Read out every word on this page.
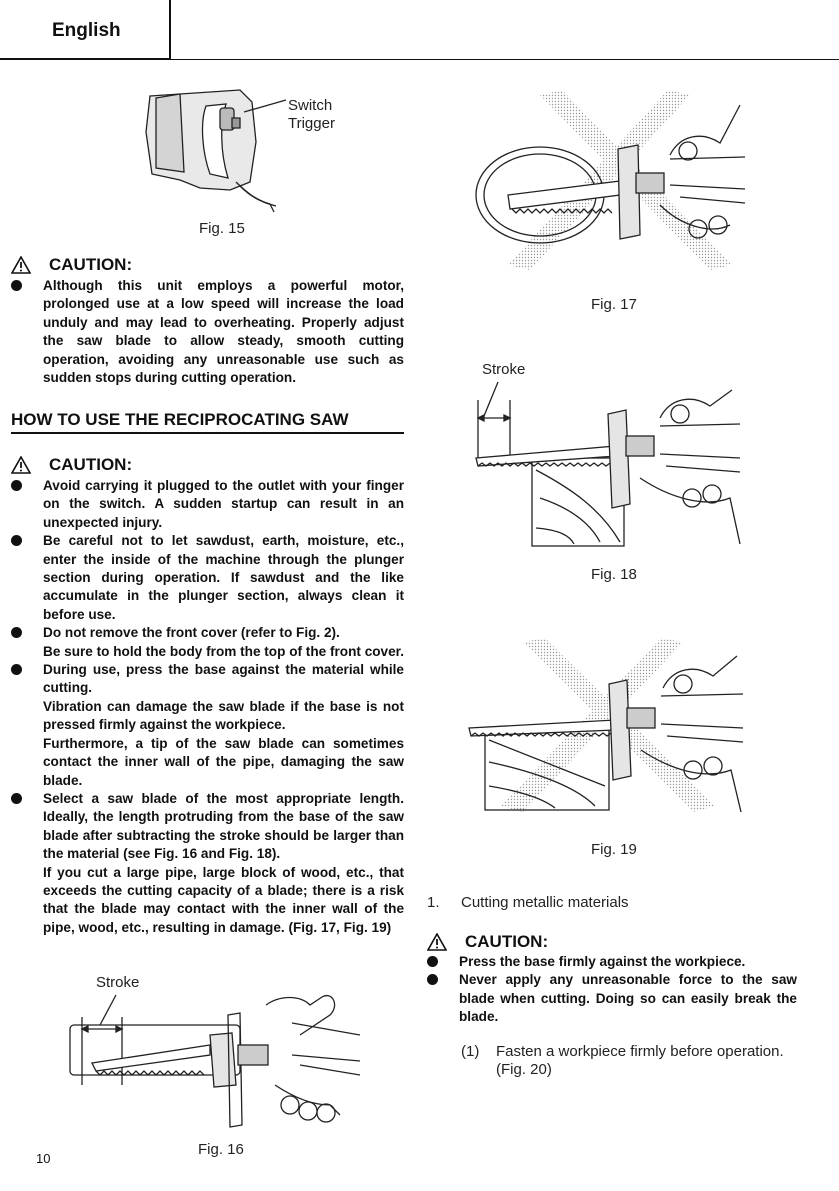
English
Switch
Trigger
Fig. 15
CAUTION:

Although this unit employs a powerful motor, prolonged use at a low speed will increase the load unduly and may lead to overheating. Properly adjust the saw blade to allow steady, smooth cutting operation, avoiding any unreasonable use such as sudden stops during cutting operation.

HOW TO USE THE RECIPROCATING SAW
CAUTION:

Avoid carrying it plugged to the outlet with your finger on the switch. A sudden startup can result in an unexpected injury.

Be careful not to let sawdust, earth, moisture, etc., enter the inside of the machine through the plunger section during operation. If sawdust and the like accumulate in the plunger section, always clean it before use.

Do not remove the front cover (refer to Fig. 2).

Be sure to hold the body from the top of the front cover.

During use, press the base against the material while cutting.

Vibration can damage the saw blade if the base is not pressed firmly against the workpiece.

Furthermore, a tip of the saw blade can sometimes contact the inner wall of the pipe, damaging the saw blade.

Select a saw blade of the most appropriate length. Ideally, the length protruding from the base of the saw blade after subtracting the stroke should be larger than the material (see Fig. 16 and Fig. 18).

If you cut a large pipe, large block of wood, etc., that exceeds the cutting capacity of a blade; there is a risk that the blade may contact with the inner wall of the pipe, wood, etc., resulting in damage. (Fig. 17, Fig. 19)

Stroke
Fig. 16
10
Fig. 17
Stroke
Fig. 18
Fig. 19
1. Cutting metallic materials
CAUTION:

Press the base firmly against the workpiece.

Never apply any unreasonable force to the saw blade when cutting. Doing so can easily break the blade.

(1) Fasten a workpiece firmly before operation.
(Fig. 20)
